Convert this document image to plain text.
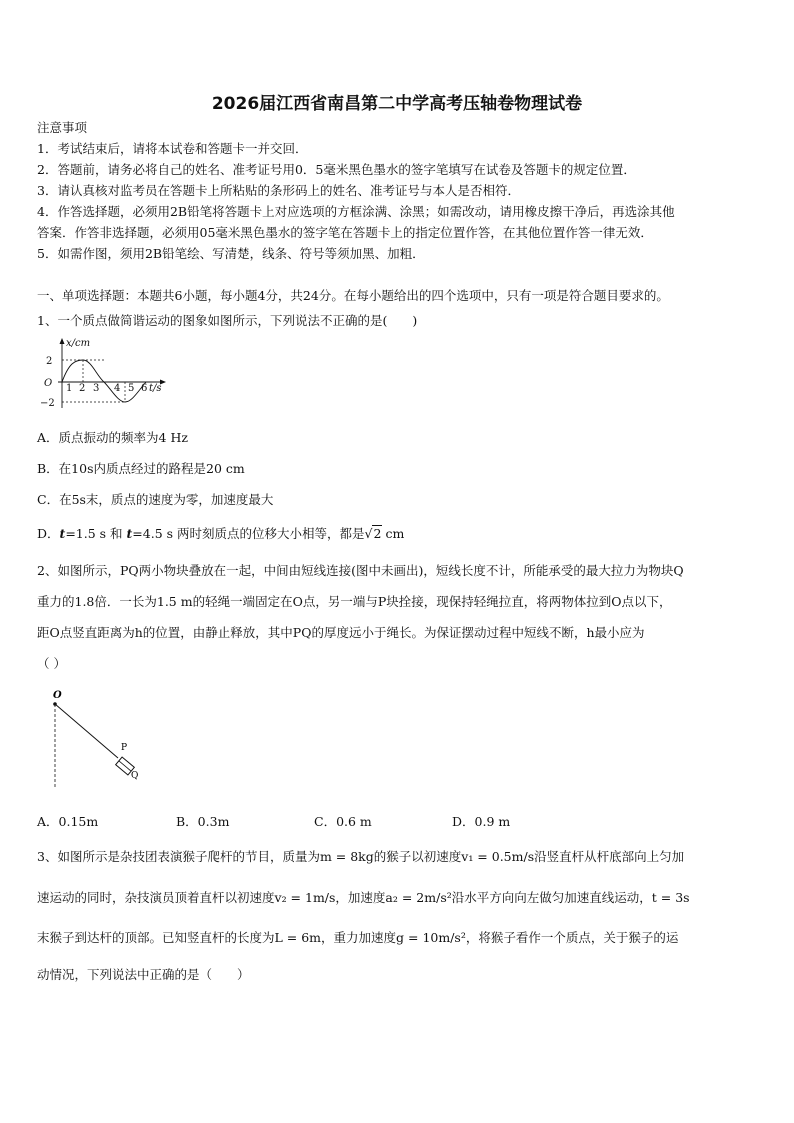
2026届江西省南昌第二中学高考压轴卷物理试卷
注意事项
1．考试结束后，请将本试卷和答题卡一并交回．
2．答题前，请务必将自己的姓名、准考证号用0．5毫米黑色墨水的签字笔填写在试卷及答题卡的规定位置．
3．请认真核对监考员在答题卡上所粘贴的条形码上的姓名、准考证号与本人是否相符．
4．作答选择题，必须用2B铅笔将答题卡上对应选项的方框涂满、涂黑；如需改动，请用橡皮擦干净后，再选涂其他
答案．作答非选择题，必须用05毫米黑色墨水的签字笔在答题卡上的指定位置作答，在其他位置作答一律无效．
5．如需作图，须用2B铅笔绘、写清楚，线条、符号等须加黑、加粗．
一、单项选择题：本题共6小题，每小题4分，共24分。在每小题给出的四个选项中，只有一项是符合题目要求的。
1、一个质点做简谐运动的图象如图所示，下列说法不正确的是(　　)
x/cm
2
O
−2
1 2 3 4 5 6 t/s
A．质点振动的频率为4 Hz
B．在10s内质点经过的路程是20 cm
C．在5s末，质点的速度为零，加速度最大
D．t=1.5 s 和 t=4.5 s 两时刻质点的位移大小相等，都是√2 cm
2、如图所示，PQ两小物块叠放在一起，中间由短线连接(图中未画出)，短线长度不计，所能承受的最大拉力为物块Q
重力的1.8倍．一长为1.5 m的轻绳一端固定在O点，另一端与P块拴接，现保持轻绳拉直，将两物体拉到O点以下，
距O点竖直距离为h的位置，由静止释放，其中PQ的厚度远小于绳长。为保证摆动过程中短线不断，h最小应为
（ ）
O
P
Q
A．0.15m	B．0.3m	C．0.6 m	D．0.9 m
3、如图所示是杂技团表演猴子爬杆的节目，质量为m = 8kg的猴子以初速度v₁ = 0.5m/s沿竖直杆从杆底部向上匀加
速运动的同时，杂技演员顶着直杆以初速度v₂ = 1m/s，加速度a₂ = 2m/s²沿水平方向向左做匀加速直线运动，t = 3s
末猴子到达杆的顶部。已知竖直杆的长度为L = 6m，重力加速度g = 10m/s²，将猴子看作一个质点，关于猴子的运
动情况，下列说法中正确的是（　　）
